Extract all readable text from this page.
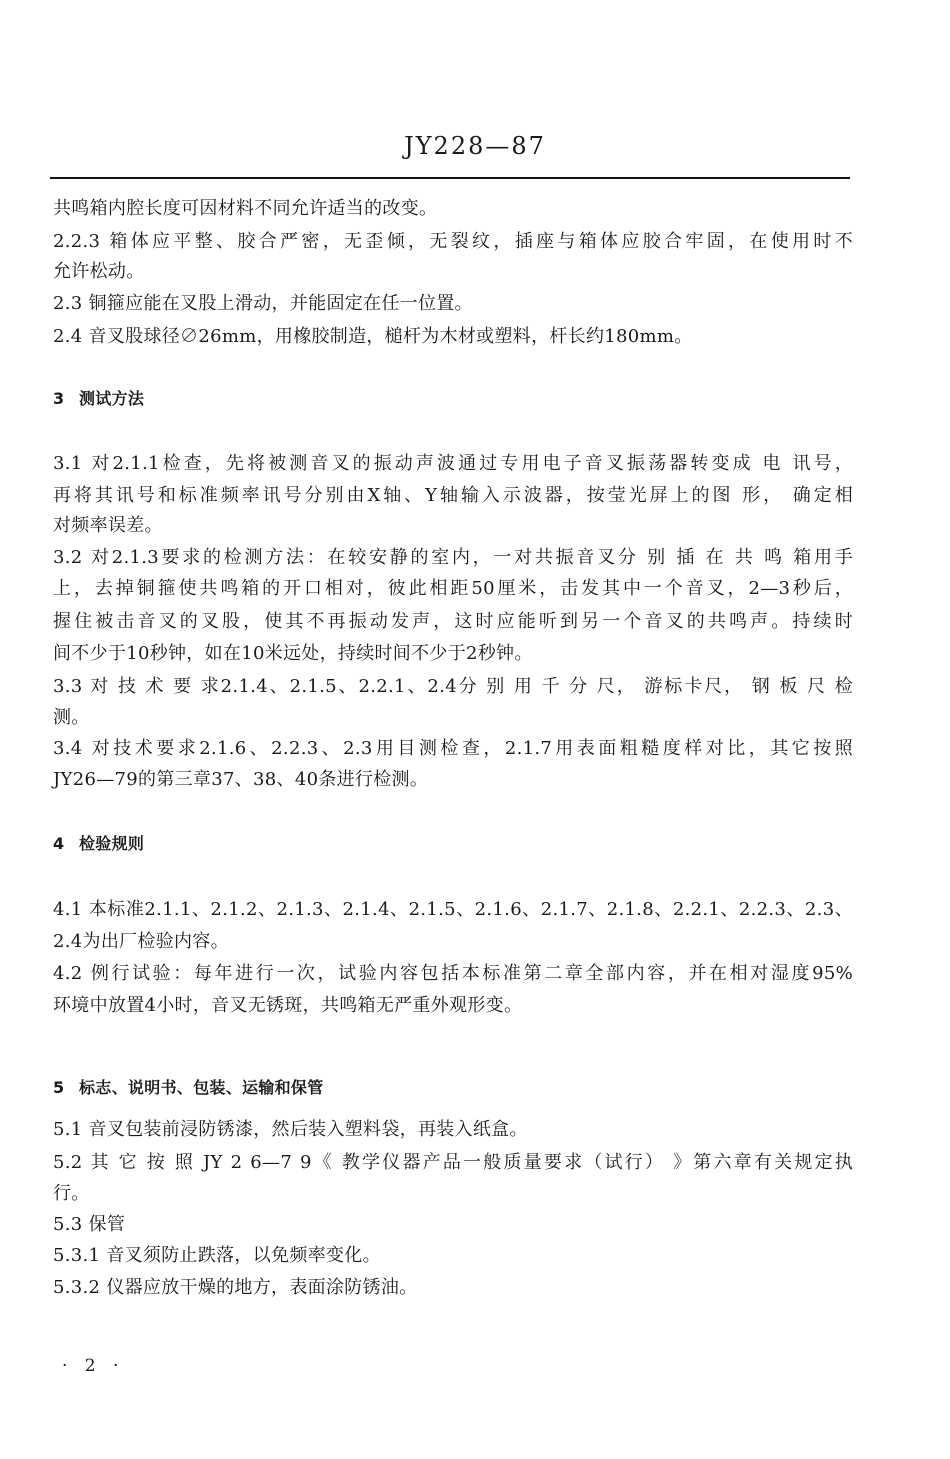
JY228—87
共鸣箱内腔长度可因材料不同允许适当的改变。
2.2.3 箱体应平整、胶合严密，无歪倾，无裂纹，插座与箱体应胶合牢固，在使用时不
允许松动。
2.3 铜箍应能在叉股上滑动，并能固定在任一位置。
2.4 音叉股球径∅26mm，用橡胶制造，槌杆为木材或塑料，杆长约180mm。
3 测试方法
3.1 对2.1.1检查，先将被测音叉的振动声波通过专用电子音叉振荡器转变成 电 讯号，
再将其讯号和标准频率讯号分别由X轴、Y轴输入示波器，按莹光屏上的图 形， 确定相
对频率误差。
3.2 对2.1.3要求的检测方法：在较安静的室内，一对共振音叉分 别 插 在 共 鸣 箱用手
上，去掉铜箍使共鸣箱的开口相对，彼此相距50厘米，击发其中一个音叉，2—3秒后，
握住被击音叉的叉股，使其不再振动发声，这时应能听到另一个音叉的共鸣声。持续时
间不少于10秒钟，如在10米远处，持续时间不少于2秒钟。
3.3 对 技 术 要 求2.1.4、2.1.5、2.2.1、2.4分 别 用 千 分 尺， 游标卡尺， 钢 板 尺 检
测。
3.4 对技术要求2.1.6、2.2.3、2.3用目测检查，2.1.7用表面粗糙度样对比，其它按照
JY26—79的第三章37、38、40条进行检测。
4 检验规则
4.1 本标准2.1.1、2.1.2、2.1.3、2.1.4、2.1.5、2.1.6、2.1.7、2.1.8、2.2.1、2.2.3、2.3、
2.4为出厂检验内容。
4.2 例行试验：每年进行一次，试验内容包括本标准第二章全部内容，并在相对湿度95%
环境中放置4小时，音叉无锈斑，共鸣箱无严重外观形变。
5 标志、说明书、包装、运输和保管
5.1 音叉包装前浸防锈漆，然后装入塑料袋，再装入纸盒。
5.2 其 它 按 照 JY 2 6—7 9《 教学仪器产品一般质量要求（试行） 》第六章有关规定执
行。
5.3 保管
5.3.1 音叉须防止跌落，以免频率变化。
5.3.2 仪器应放干燥的地方，表面涂防锈油。
· 2 ·
